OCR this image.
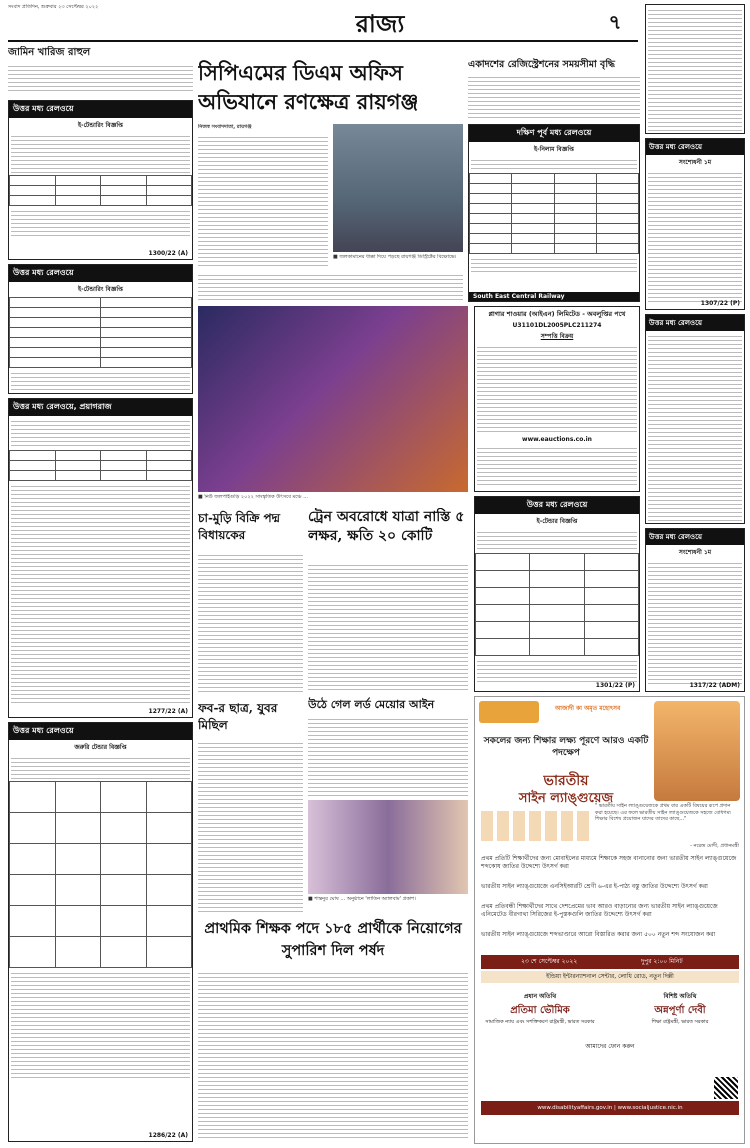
সংবাদ প্রতিদিন, শুক্রবার ২৩ সেপ্টেম্বর ২০২২
রাজ্য	৭
জামিন খারিজ রাহুল
উত্তর মধ্য রেলওয়ে
ই-টেন্ডারিং বিজ্ঞপ্তি

1300/22 (A)
উত্তর মধ্য রেলওয়ে
ই-টেন্ডারিং বিজ্ঞপ্তি

উত্তর মধ্য রেলওয়ে, প্রয়াগরাজ

1277/22 (A)
উত্তর মধ্য রেলওয়ে
জরুরি টেন্ডার বিজ্ঞপ্তি

1286/22 (A)
সিপিএমের ডিএম অফিস অভিযানে রণক্ষেত্র রায়গঞ্জ
নিজস্ব সংবাদদাতা, রায়গঞ্জ
■ জলকামানের ধাক্কা দিয়ে পড়ছে রায়গঞ্জ ডিস্ট্রিক্টের বিক্ষোভে।
একাদশের রেজিস্ট্রেশনের সময়সীমা বৃদ্ধি
দক্ষিণ পূর্ব মধ্য রেলওয়ে
ই-নিলাম বিজ্ঞপ্তি

South East Central Railway
■ নিউ জলপাইগুড়ি ২০২২ সাংস্কৃতিক উৎসবে মঞ্চে ...
প্লাগার শাওয়ার (আইএন) লিমিটেড - অবলুপ্তির পথে
U31101DL2005PLC211274
সম্পত্তি বিক্রয়
www.eauctions.co.in
চা-মুড়ি বিক্রি পদ্ম বিধায়কের
ট্রেন অবরোধে যাত্রা নাস্তি ৫ লক্ষর, ক্ষতি ২০ কোটি
উত্তর মধ্য রেলওয়ে
ই-টেন্ডার বিজ্ঞপ্তি

1301/22 (P)
উঠে গেল লর্ড মেয়োর আইন
■ শান্তনুর ঘোষ ... অনুষ্ঠানে 'লাতিন অ্যালবাম' প্রকাশ।
ফব-র ছাত্র, যুবর মিছিল
প্রাথমিক শিক্ষক পদে ১৮৫ প্রার্থীকে নিয়োগের সুপারিশ দিল পর্ষদ
উত্তর মধ্য রেলওয়ে
সংশোধনী ১ম
1307/22 (P)
উত্তর মধ্য রেলওয়ে
উত্তর মধ্য রেলওয়ে
সংশোধনী ১ম
1317/22 (ADM)
আজাদী কা অমৃত মহোৎসব
সকলের জন্য শিক্ষার লক্ষ্য পূরণে আরও একটি পদক্ষেপ
ভারতীয়
সাইন ল্যাঙ্গুয়েজ
" ভারতীয় সাইন ল্যাঙ্গুয়েজকে প্রথম বার একটি বিষয়ের রূপে প্রদান করা হয়েছে। এর ফলে ভারতীয় সাইন ল্যাঙ্গুয়েজকে সহজে বোধগম্য শিক্ষার বিশেষ প্রয়োজন যাদের তাদের কাছে..."
- নরেন্দ্র মোদী, প্রধানমন্ত্রী
প্রথম প্রতিটি শিক্ষার্থীদের জন্য মোবাইলের মাধ্যমে শিক্ষাকে সহজ বানানোর জন্য ভারতীয় সাইন ল্যাঙ্গুয়েজে শব্দকোষ জাতির উদ্দেশ্যে উৎসর্গ করা
ভারতীয় সাইন ল্যাঙ্গুয়েজে এনসিইআরটি শ্রেণী ৬-এর ই-পাঠ্য বস্তু জাতির উদ্দেশ্যে উৎসর্গ করা
প্রথম প্রতিবন্ধী শিক্ষার্থীদের সাথে দেশপ্রেমের ভাব আরও বাড়ানোর জন্য ভারতীয় সাইন ল্যাঙ্গুয়েজে এনিমেটেড বীরগাথা সিরিজের ই-পুস্তকগুলি জাতির উদ্দেশ্যে উৎসর্গ করা
ভারতীয় সাইন ল্যাঙ্গুয়েজে শব্দভাণ্ডারে আরো বিস্তারিত করার জন্য ৫০০ নতুন শব্দ সংযোজন করা
২৩ শে সেপ্টেম্বর ২০২২	দুপুর ২:০০ মিনিট
ইন্ডিয়া ইন্টারন্যাশনাল সেন্টার, লোধি রোড, নতুন দিল্লী
প্রধান অতিথি
প্রতিমা ভৌমিক
সামাজিক ন্যায় এবং সশক্তিকরণ রাষ্ট্রমন্ত্রী, ভারত সরকার
বিশিষ্ট অতিথি
অন্নপূর্ণা দেবী
শিক্ষা রাষ্ট্রমন্ত্রী, ভারত সরকার
আমাদের ফোন করুন
www.disabilityaffairs.gov.in | www.socialjustice.nic.in
